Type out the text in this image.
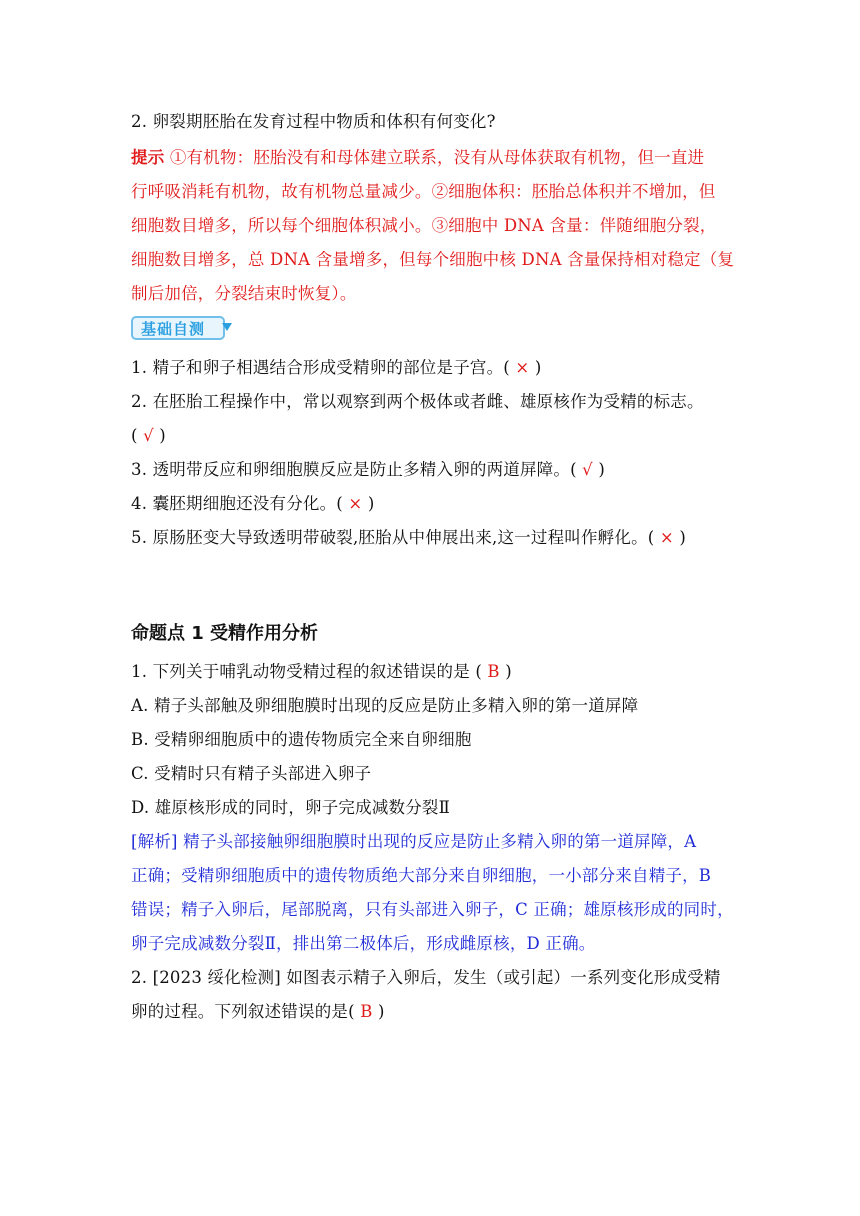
2. 卵裂期胚胎在发育过程中物质和体积有何变化?
提示 ①有机物：胚胎没有和母体建立联系，没有从母体获取有机物，但一直进
行呼吸消耗有机物，故有机物总量减少。②细胞体积：胚胎总体积并不增加，但
细胞数目增多，所以每个细胞体积减小。③细胞中 DNA 含量：伴随细胞分裂，
细胞数目增多，总 DNA 含量增多，但每个细胞中核 DNA 含量保持相对稳定（复
制后加倍，分裂结束时恢复）。
基础自测
1. 精子和卵子相遇结合形成受精卵的部位是子宫。( × )
2. 在胚胎工程操作中，常以观察到两个极体或者雌、雄原核作为受精的标志。
( √ )
3. 透明带反应和卵细胞膜反应是防止多精入卵的两道屏障。( √ )
4. 囊胚期细胞还没有分化。( × )
5. 原肠胚变大导致透明带破裂,胚胎从中伸展出来,这一过程叫作孵化。( × )
命题点 1 受精作用分析
1. 下列关于哺乳动物受精过程的叙述错误的是 ( B )
A. 精子头部触及卵细胞膜时出现的反应是防止多精入卵的第一道屏障
B. 受精卵细胞质中的遗传物质完全来自卵细胞
C. 受精时只有精子头部进入卵子
D. 雄原核形成的同时，卵子完成减数分裂Ⅱ
[解析] 精子头部接触卵细胞膜时出现的反应是防止多精入卵的第一道屏障，A
正确；受精卵细胞质中的遗传物质绝大部分来自卵细胞，一小部分来自精子，B
错误；精子入卵后，尾部脱离，只有头部进入卵子，C 正确；雄原核形成的同时，
卵子完成减数分裂Ⅱ，排出第二极体后，形成雌原核，D 正确。
2. [2023 绥化检测] 如图表示精子入卵后，发生（或引起）一系列变化形成受精
卵的过程。下列叙述错误的是( B )
